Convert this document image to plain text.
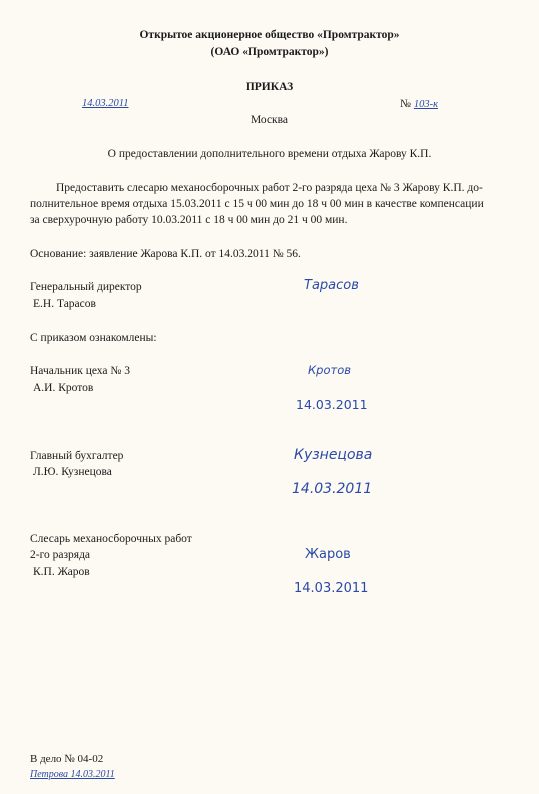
Открытое акционерное общество «Промтрактор»
(ОАО «Промтрактор»)
ПРИКАЗ
14.03.2011	№ 103-к
Москва
О предоставлении дополнительного времени отдыха Жарову К.П.
Предоставить слесарю механосборочных работ 2-го разряда цеха № 3 Жарову К.П. до-
полнительное время отдыха 15.03.2011 с 15 ч 00 мин до 18 ч 00 мин в качестве компенсации
за сверхурочную работу 10.03.2011 с 18 ч 00 мин до 21 ч 00 мин.
Основание: заявление Жарова К.П. от 14.03.2011 № 56.
Генеральный директор
Е.Н. Тарасов
Тарасов
С приказом ознакомлены:
Начальник цеха № 3
А.И. Кротов
Кротов
14.03.2011
Главный бухгалтер
Л.Ю. Кузнецова
Кузнецова
14.03.2011
Слесарь механосборочных работ
2-го разряда
К.П. Жаров
Жаров
14.03.2011
В дело № 04-02
Петрова 14.03.2011
